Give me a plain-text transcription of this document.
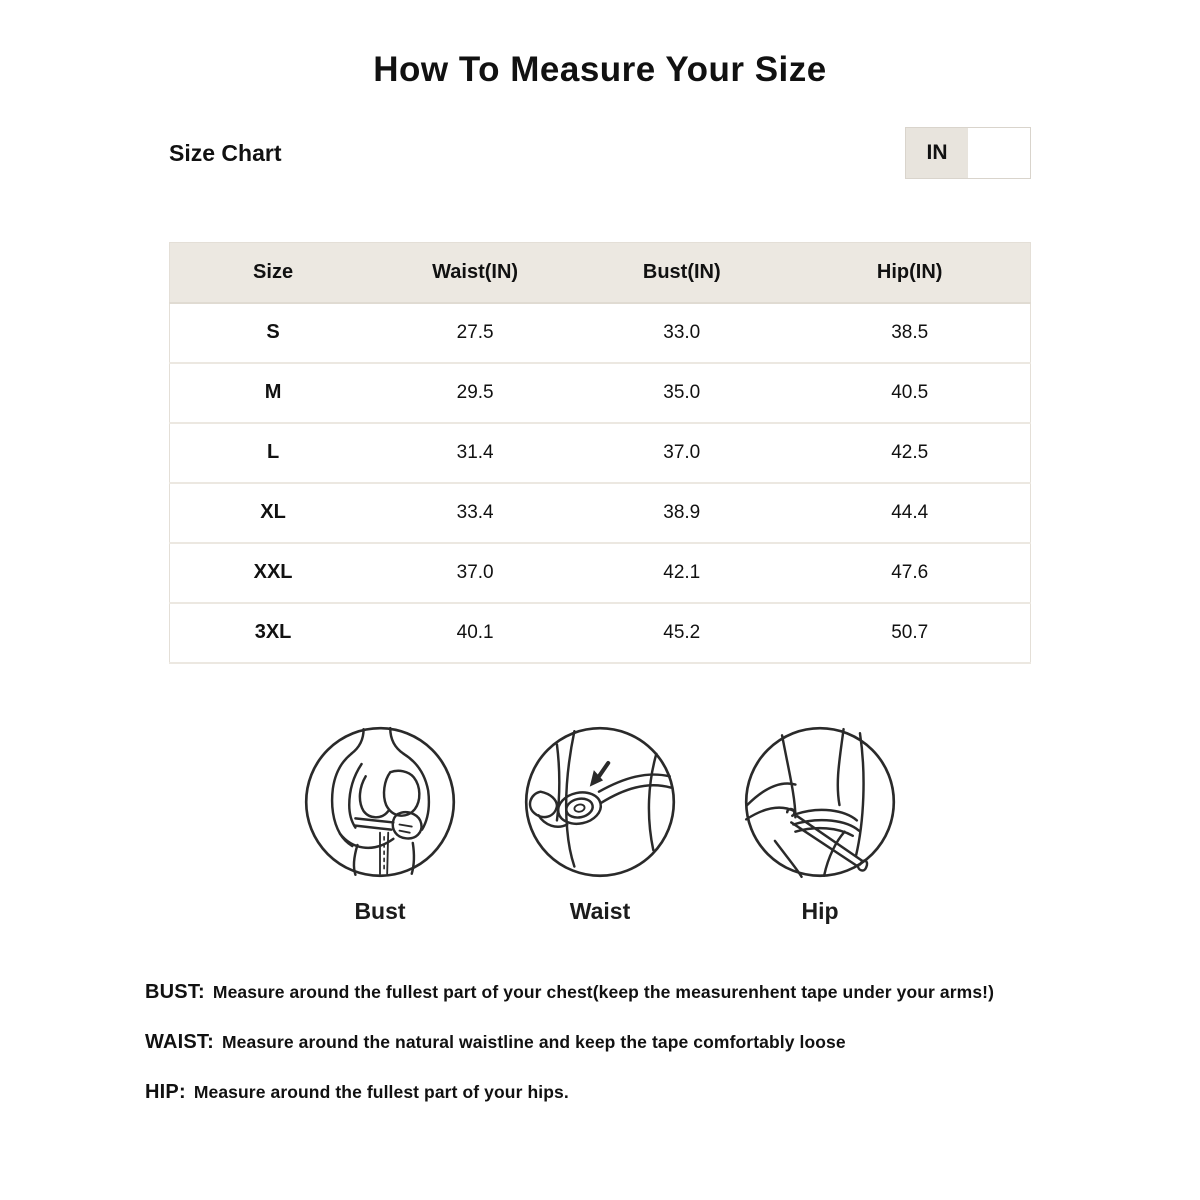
How To Measure Your Size
Size Chart	IN
Size	Waist(IN)	Bust(IN)	Hip(IN)
S	27.5	33.0	38.5
M	29.5	35.0	40.5
L	31.4	37.0	42.5
XL	33.4	38.9	44.4
XXL	37.0	42.1	47.6
3XL	40.1	45.2	50.7
Bust	Waist	Hip
BUST: Measure around the fullest part of your chest(keep the measurenhent tape under your arms!)
WAIST: Measure around the natural waistline and keep the tape comfortably loose
HIP: Measure around the fullest part of your hips.
